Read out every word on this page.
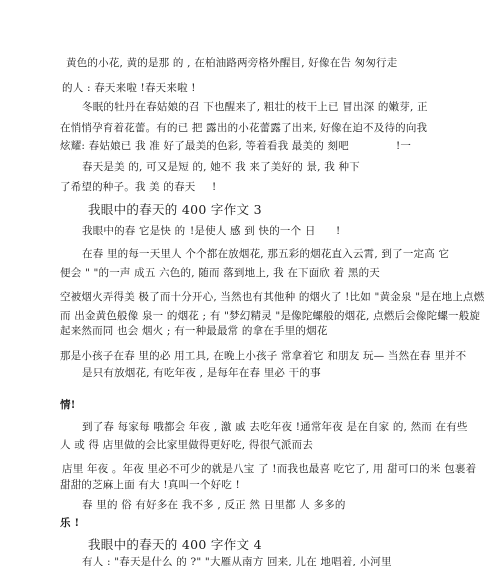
黄色的小花, 黄的是那 的 , 在柏油路两旁格外醒目, 好像在告 匆匆行走
的人 : 春天来啦 !春天来啦 !
冬眠的牡丹在春姑娘的召 下也醒来了, 粗壮的枝干上已 冒出深 的嫩芽, 正
在悄悄孕育着花蕾。有的已 把 露出的小花蕾露了出来, 好像在迫不及待的向我
炫耀: 春姑娘已 我 准 好了最美的色彩, 等着看我 最美的 刻吧	!一
春天是美 的, 可又是短 的, 她不 我 来了美好的 景, 我 种下
了希望的种子。我 美 的春天 !
我眼中的春天的 400 字作文 3
我眼中的春 它是快 的 !是使人 感 到 快的一个 日 !
在春 里的每一天里人 个个都在放烟花, 那五彩的烟花直入云霄, 到了一定高 它
便会 " "的一声 成五 六色的, 随而 落到地上, 我 在下面欣 着 黑的天
空被烟火弄得美 极了而十分开心, 当然也有其他种 的烟火了 !比如 "黄金泉 "是在地上点燃
而 出金黄色般像 泉一 的烟花 ; 有 "梦幻精灵 "是像陀螺般的烟花, 点燃后会像陀螺一般旋
起来然而同 也会 烟火 ; 有一种最最常 的拿在手里的烟花
那是小孩子在春 里的必 用工具, 在晚上小孩子 常拿着它 和朋友 玩— 当然在春 里并不
是只有放烟花, 有吃年夜 , 是每年在春 里必 干的事
情!
到了春 每家每 哦都会 年夜 , 激 戚 去吃年夜 !通常年夜 是在自家 的, 然而 在有些
人 或 得 店里做的会比家里做得更好吃, 得很气派而去
店里 年夜 。年夜 里必不可少的就是八宝 了 !而我也最喜 吃它了, 用 甜可口的米 包裹着
甜甜的芝麻上面 有大 !真叫一个好吃 !
春 里的 俗 有好多在 我不多 , 反正 然 日里都 人 多多的
乐 !
我眼中的春天的 400 字作文 4
有人 : "春天是什么 的 ?" "大雁从南方 回来, 儿在 地唱着, 小河里
